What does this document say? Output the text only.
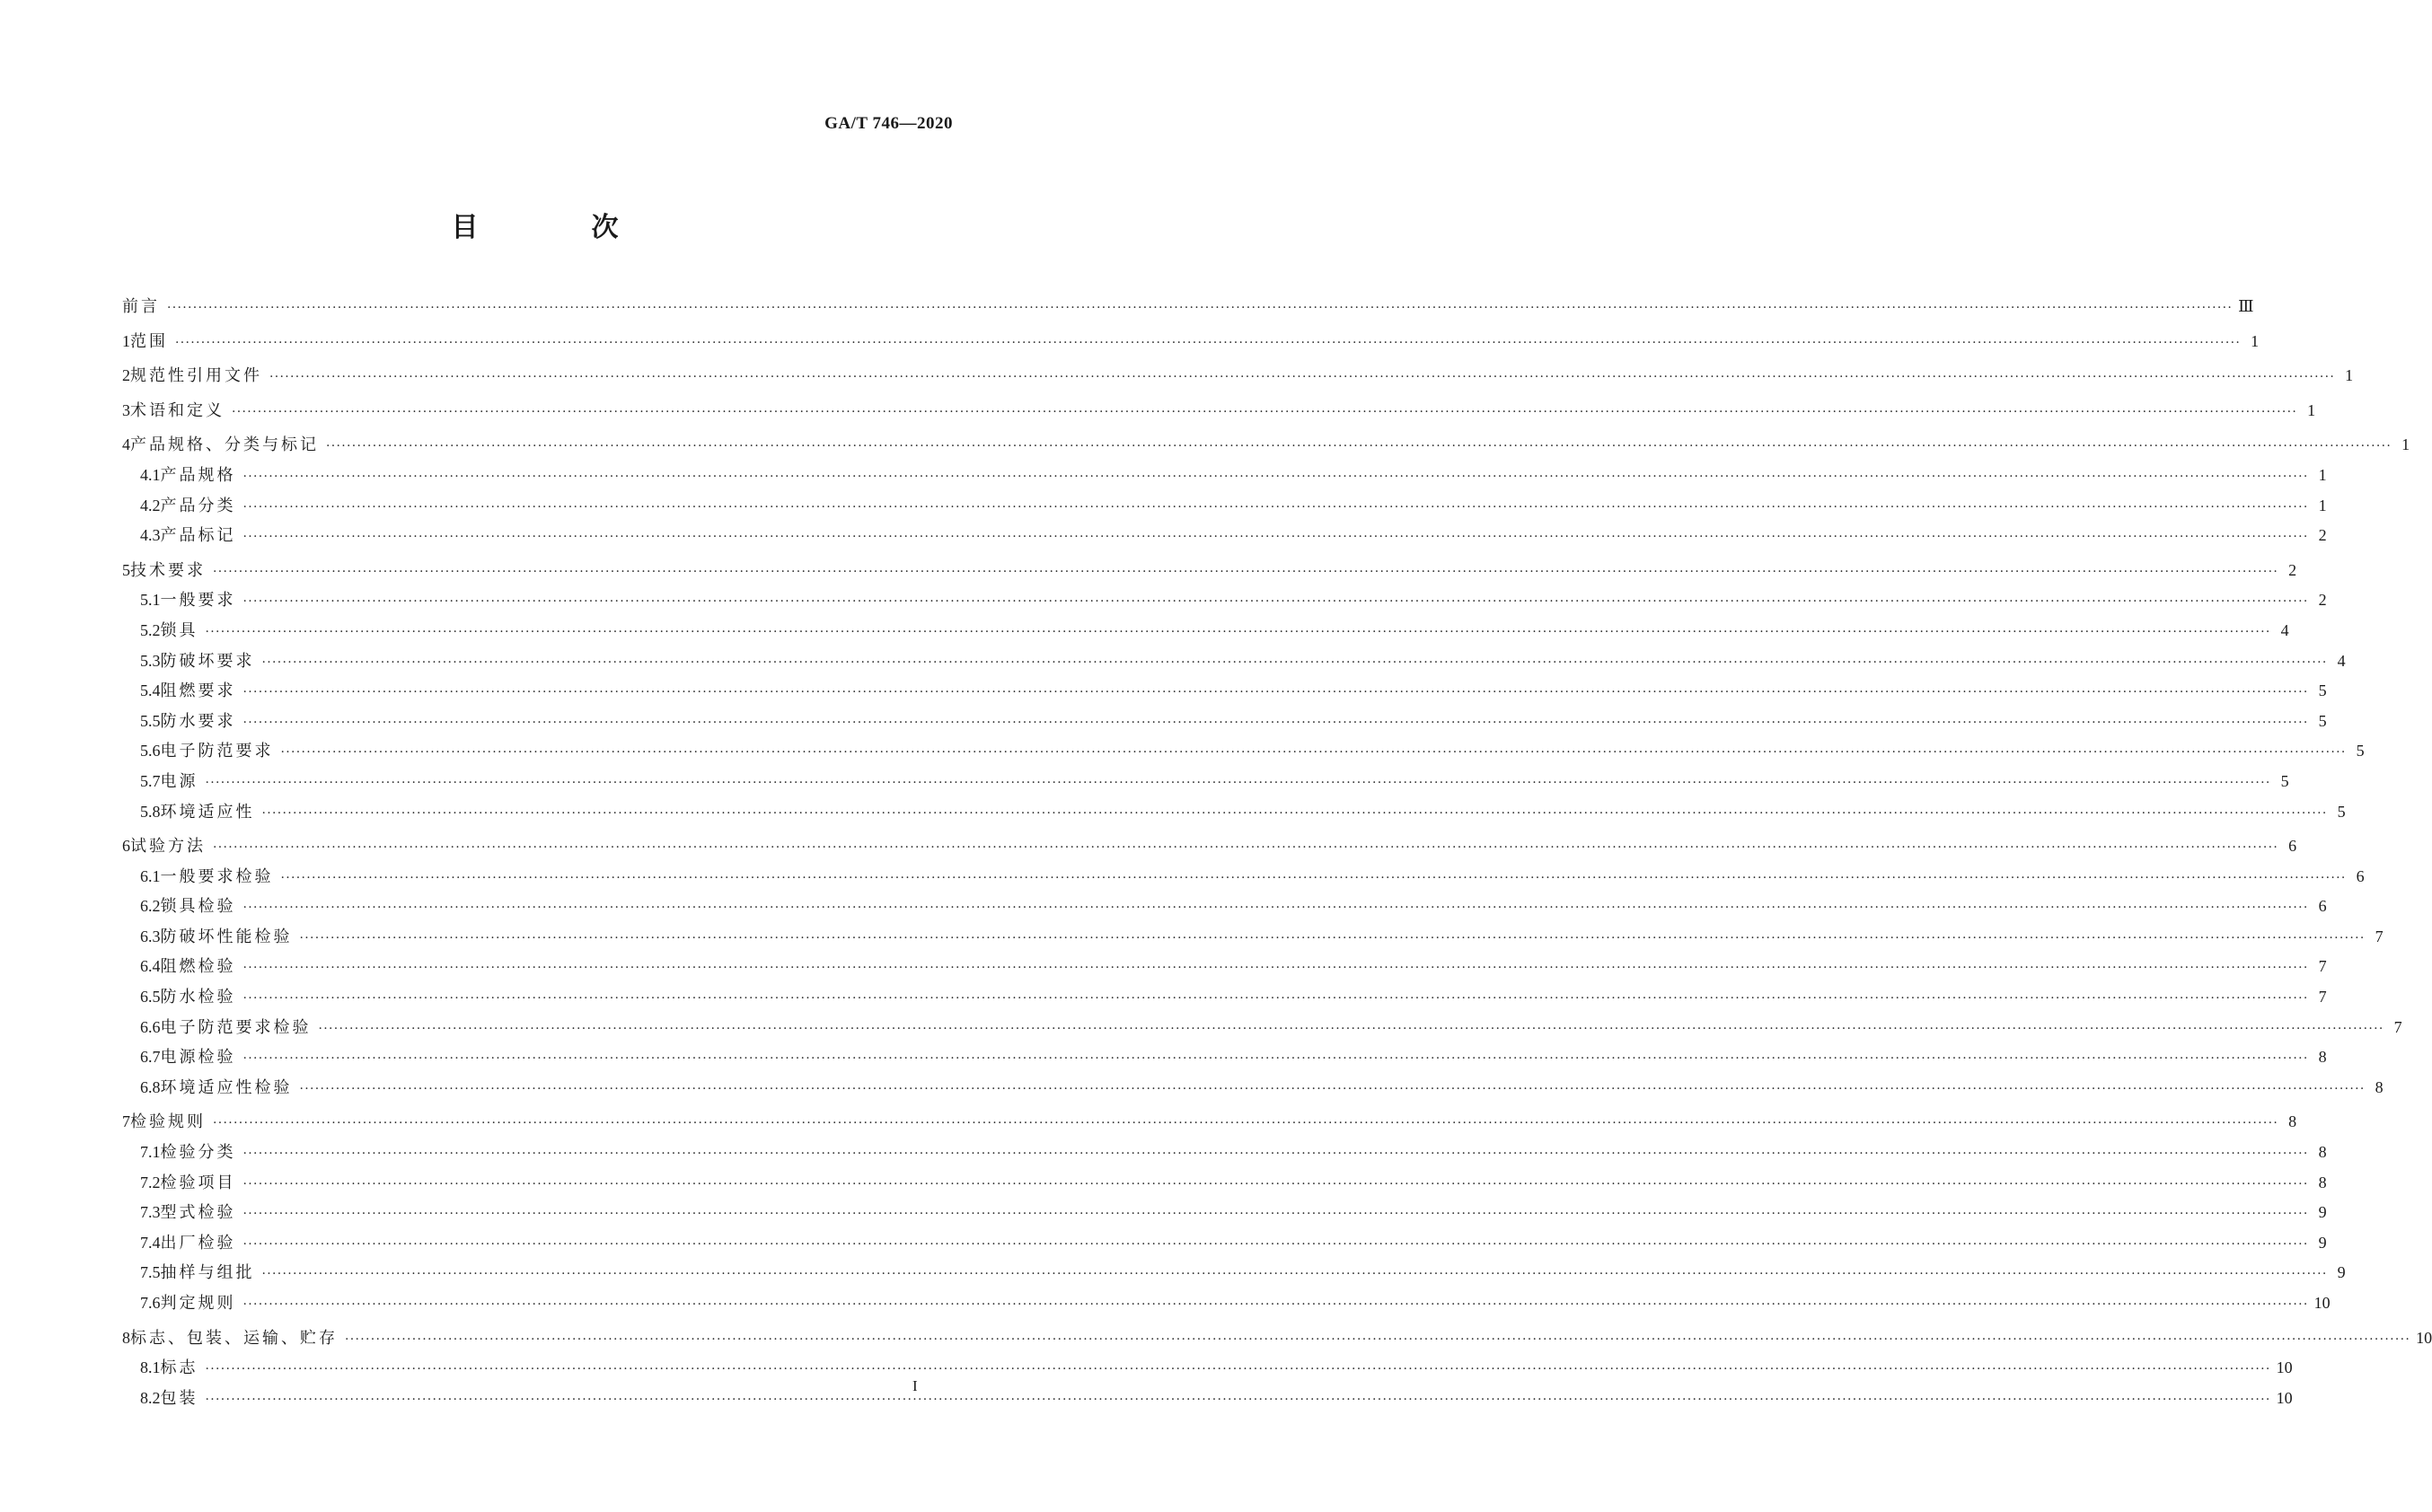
GA/T 746—2020
目　次
前言 ················································································································································································································································································································································································································ Ⅲ
1 范围 ················································································································································································································································································································································································································ 1
2 规范性引用文件 ················································································································································································································································································································································································································ 1
3 术语和定义 ················································································································································································································································································································································································································ 1
4 产品规格、分类与标记 ················································································································································································································································································································································································································ 1
4.1 产品规格 ················································································································································································································································································································································································································ 1
4.2 产品分类 ················································································································································································································································································································································································································ 1
4.3 产品标记 ················································································································································································································································································································································································································ 2
5 技术要求 ················································································································································································································································································································································································································ 2
5.1 一般要求 ················································································································································································································································································································································································································ 2
5.2 锁具 ················································································································································································································································································································································································································ 4
5.3 防破坏要求 ················································································································································································································································································································································································································ 4
5.4 阻燃要求 ················································································································································································································································································································································································································ 5
5.5 防水要求 ················································································································································································································································································································································································································ 5
5.6 电子防范要求 ················································································································································································································································································································································································································ 5
5.7 电源 ················································································································································································································································································································································································································ 5
5.8 环境适应性 ················································································································································································································································································································································································································ 5
6 试验方法 ················································································································································································································································································································································································································ 6
6.1 一般要求检验 ················································································································································································································································································································································································································ 6
6.2 锁具检验 ················································································································································································································································································································································································································ 6
6.3 防破坏性能检验 ················································································································································································································································································································································································································ 7
6.4 阻燃检验 ················································································································································································································································································································································································································ 7
6.5 防水检验 ················································································································································································································································································································································································································ 7
6.6 电子防范要求检验 ················································································································································································································································································································································································································ 7
6.7 电源检验 ················································································································································································································································································································································································································ 8
6.8 环境适应性检验 ················································································································································································································································································································································································································ 8
7 检验规则 ················································································································································································································································································································································································································ 8
7.1 检验分类 ················································································································································································································································································································································································································ 8
7.2 检验项目 ················································································································································································································································································································································································································ 8
7.3 型式检验 ················································································································································································································································································································································································································ 9
7.4 出厂检验 ················································································································································································································································································································································································································ 9
7.5 抽样与组批 ················································································································································································································································································································································································································ 9
7.6 判定规则 ················································································································································································································································································································································································································ 10
8 标志、包装、运输、贮存 ················································································································································································································································································································································································································ 10
8.1 标志 ················································································································································································································································································································································································································ 10
8.2 包装 ················································································································································································································································································································································································································ 10
I
